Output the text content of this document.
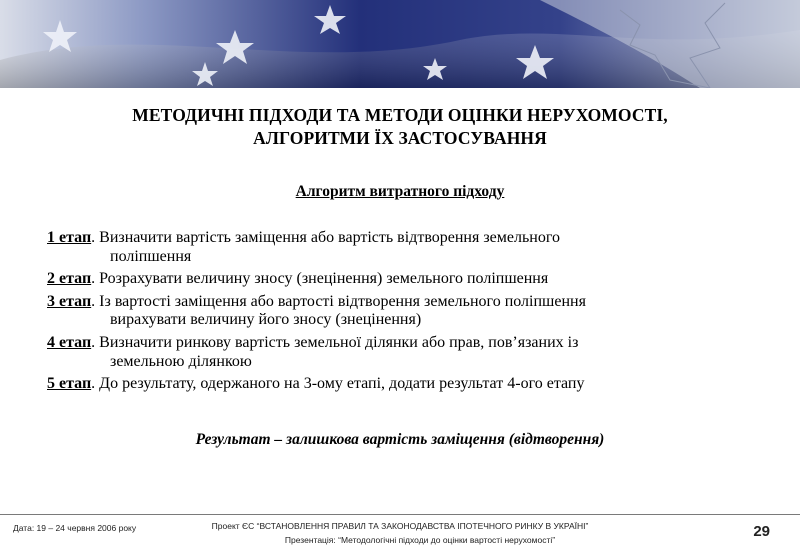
МЕТОДИЧНІ ПІДХОДИ ТА МЕТОДИ ОЦІНКИ НЕРУХОМОСТІ,
АЛГОРИТМИ ЇХ ЗАСТОСУВАННЯ
Алгоритм витратного підходу
1 етап. Визначити вартість заміщення або вартість відтворення земельного
поліпшення
2 етап. Розрахувати величину зносу (знецінення) земельного поліпшення
3 етап. Із вартості заміщення або вартості відтворення земельного поліпшення
вирахувати величину його зносу (знецінення)
4 етап. Визначити ринкову вартість земельної ділянки або прав, пов’язаних із
земельною ділянкою
5 етап. До результату, одержаного на 3-ому етапі, додати результат 4-ого етапу
Результат – залишкова вартість заміщення (відтворення)
Дата: 19 – 24 червня 2006 року	Проект ЄС “ВСТАНОВЛЕННЯ ПРАВИЛ ТА ЗАКОНОДАВСТВА ІПОТЕЧНОГО РИНКУ В УКРАЇНІ”
Презентація: “Методологічні підходи до оцінки вартості нерухомості”	29
